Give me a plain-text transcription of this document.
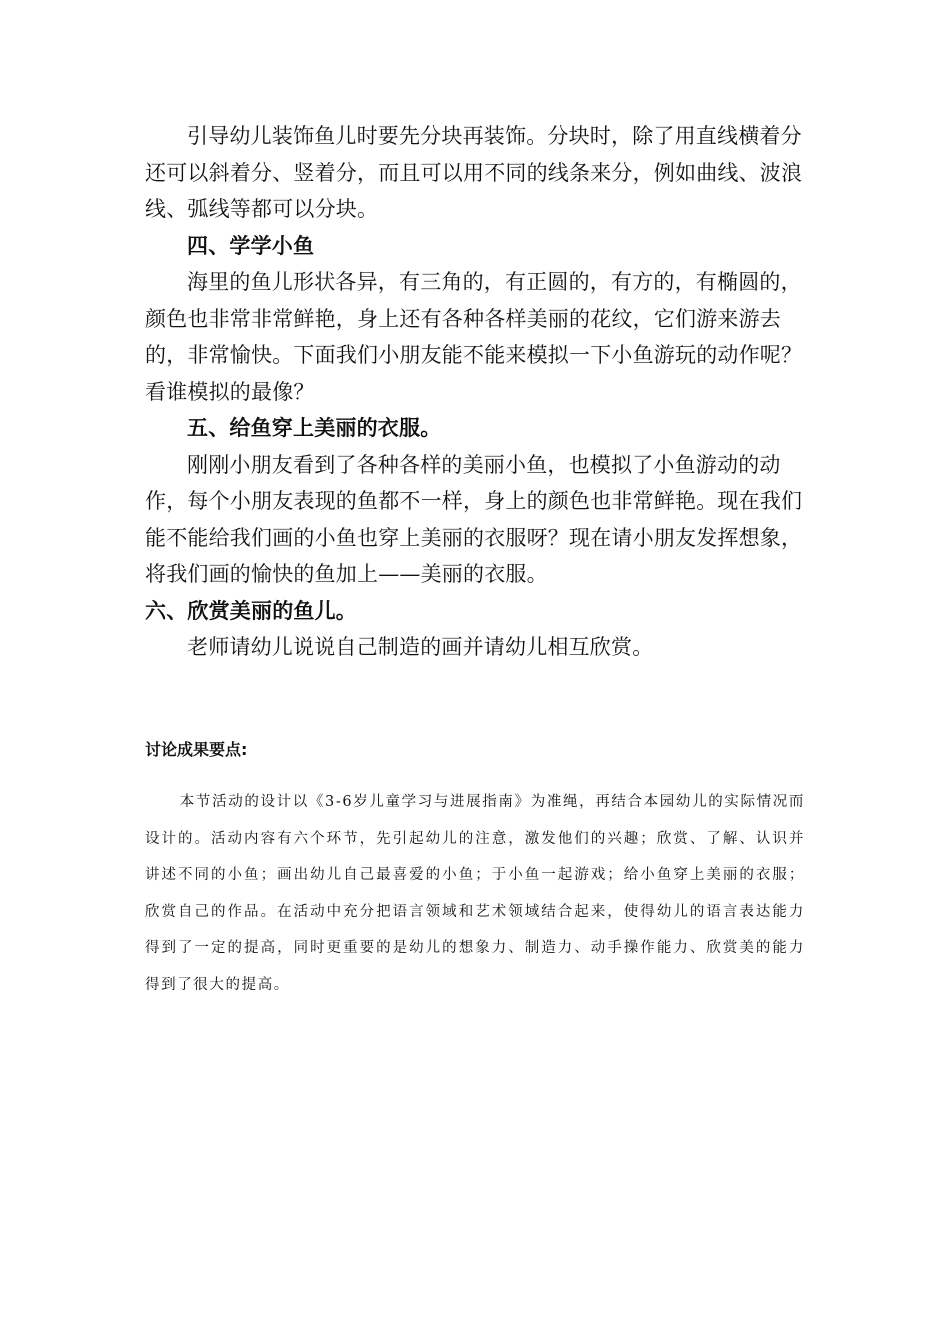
引导幼儿装饰鱼儿时要先分块再装饰。分块时，除了用直线横着分还可以斜着分、竖着分，而且可以用不同的线条来分，例如曲线、波浪线、弧线等都可以分块。

四、学学小鱼

海里的鱼儿形状各异，有三角的，有正圆的，有方的，有椭圆的，颜色也非常非常鲜艳，身上还有各种各样美丽的花纹，它们游来游去的，非常愉快。下面我们小朋友能不能来模拟一下小鱼游玩的动作呢？看谁模拟的最像？

五、给鱼穿上美丽的衣服。

刚刚小朋友看到了各种各样的美丽小鱼，也模拟了小鱼游动的动作，每个小朋友表现的鱼都不一样，身上的颜色也非常鲜艳。现在我们能不能给我们画的小鱼也穿上美丽的衣服呀？现在请小朋友发挥想象，将我们画的愉快的鱼加上——美丽的衣服。

六、欣赏美丽的鱼儿。

老师请幼儿说说自己制造的画并请幼儿相互欣赏。

讨论成果要点:

本节活动的设计以《3-6岁儿童学习与进展指南》为准绳，再结合本园幼儿的实际情况而设计的。活动内容有六个环节，先引起幼儿的注意，激发他们的兴趣；欣赏、了解、认识并讲述不同的小鱼；画出幼儿自己最喜爱的小鱼；于小鱼一起游戏；给小鱼穿上美丽的衣服；欣赏自己的作品。在活动中充分把语言领域和艺术领域结合起来，使得幼儿的语言表达能力得到了一定的提高，同时更重要的是幼儿的想象力、制造力、动手操作能力、欣赏美的能力得到了很大的提高。
